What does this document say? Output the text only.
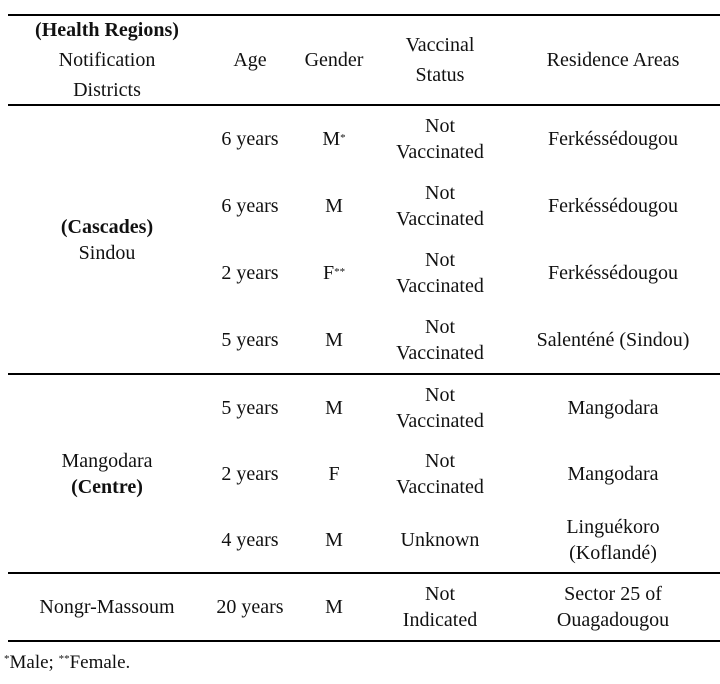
(Health Regions)
Notification
Districts
Age Gender
Vaccinal
Status
Residence Areas
(Cascades)
Sindou
Mangodara
(Centre)
Nongr-Massoum
6 years M*
Not
Vaccinated
Ferkéssédougou
6 years M
Not
Vaccinated
Ferkéssédougou
2 years F**
Not
Vaccinated
Ferkéssédougou
5 years M
Not
Vaccinated
Salenténé (Sindou)
5 years M
Not
Vaccinated
Mangodara
2 years F
Not
Vaccinated
Mangodara
4 years M	Unknown
Linguékoro
(Koflandé)
20 years M
Not
Indicated
Sector 25 of
Ouagadougou
*Male; **Female.
